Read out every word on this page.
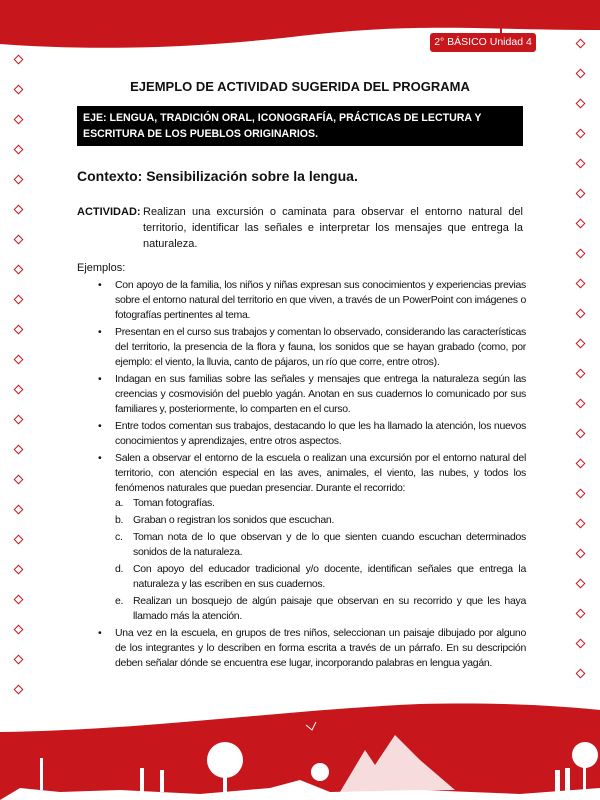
2° BÁSICO Unidad 4
EJEMPLO DE ACTIVIDAD SUGERIDA DEL PROGRAMA
EJE: LENGUA, TRADICIÓN ORAL, ICONOGRAFÍA, PRÁCTICAS DE LECTURA Y ESCRITURA DE LOS PUEBLOS ORIGINARIOS.
Contexto: Sensibilización sobre la lengua.
ACTIVIDAD: Realizan una excursión o caminata para observar el entorno natural del territorio, identificar las señales e interpretar los mensajes que entrega la naturaleza.

Ejemplos:
• Con apoyo de la familia, los niños y niñas expresan sus conocimientos y experiencias previas sobre el entorno natural del territorio en que viven, a través de un PowerPoint con imágenes o fotografías pertinentes al tema.
• Presentan en el curso sus trabajos y comentan lo observado, considerando las características del territorio, la presencia de la flora y fauna, los sonidos que se hayan grabado (como, por ejemplo: el viento, la lluvia, canto de pájaros, un río que corre, entre otros).
• Indagan en sus familias sobre las señales y mensajes que entrega la naturaleza según las creencias y cosmovisión del pueblo yagán. Anotan en sus cuadernos lo comunicado por sus familiares y, posteriormente, lo comparten en el curso.
• Entre todos comentan sus trabajos, destacando lo que les ha llamado la atención, los nuevos conocimientos y aprendizajes, entre otros aspectos.
• Salen a observar el entorno de la escuela o realizan una excursión por el entorno natural del territorio, con atención especial en las aves, animales, el viento, las nubes, y todos los fenómenos naturales que puedan presenciar. Durante el recorrido:
a. Toman fotografías.
b. Graban o registran los sonidos que escuchan.
c. Toman nota de lo que observan y de lo que sienten cuando escuchan determinados sonidos de la naturaleza.
d. Con apoyo del educador tradicional y/o docente, identifican señales que entrega la naturaleza y las escriben en sus cuadernos.
e. Realizan un bosquejo de algún paisaje que observan en su recorrido y que les haya llamado más la atención.
• Una vez en la escuela, en grupos de tres niños, seleccionan un paisaje dibujado por alguno de los integrantes y lo describen en forma escrita a través de un párrafo. En su descripción deben señalar dónde se encuentra ese lugar, incorporando palabras en lengua yagán.
